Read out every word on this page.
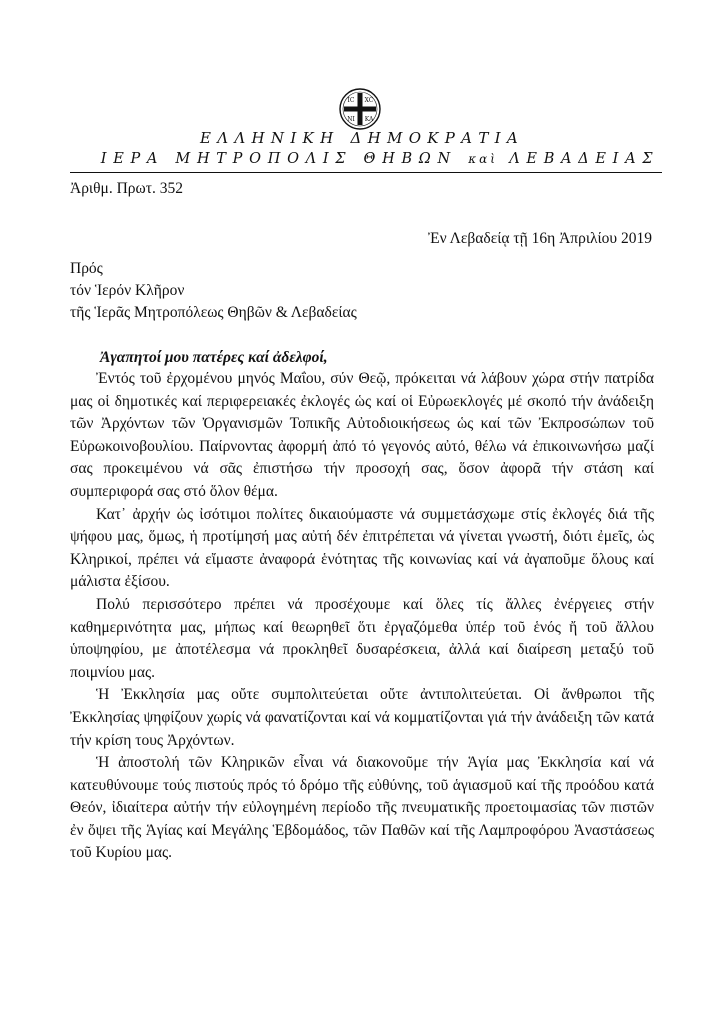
IC XC
NI KA
ΕΛΛΗΝΙΚΗ ΔΗΜΟΚΡΑΤΙΑ
ΙΕΡΑ ΜΗΤΡΟΠΟΛΙΣ ΘΗΒΩΝ καὶ ΛΕΒΑΔΕΙΑΣ
Ἀριθμ. Πρωτ. 352
Ἐν Λεβαδείᾳ τῇ 16η Ἀπριλίου 2019
Πρός
τόν Ἱερόν Κλῆρον
τῆς Ἱερᾶς Μητροπόλεως Θηβῶν & Λεβαδείας
Ἀγαπητοί μου πατέρες καί ἀδελφοί,

Ἐντός τοῦ ἐρχομένου μηνός Μαΐου, σύν Θεῷ, πρόκειται νά λάβουν χώρα στήν πατρίδα μας οἱ δημοτικές καί περιφερειακές ἐκλογές ὡς καί οἱ Εὐρωεκλογές μέ σκοπό τήν ἀνάδειξη τῶν Ἀρχόντων τῶν Ὀργανισμῶν Τοπικῆς Αὐτοδιοικήσεως ὡς καί τῶν Ἐκπροσώπων τοῦ Εὐρωκοινοβουλίου. Παίρνοντας ἀφορμή ἀπό τό γεγονός αὐτό, θέλω νά ἐπικοινωνήσω μαζί σας προκειμένου νά σᾶς ἐπιστήσω τήν προσοχή σας, ὅσον ἀφορᾶ τήν στάση καί συμπεριφορά σας στό ὅλον θέμα.

Κατ᾽ ἀρχήν ὡς ἰσότιμοι πολίτες δικαιούμαστε νά συμμετάσχωμε στίς ἐκλογές διά τῆς ψήφου μας, ὅμως, ἡ προτίμησή μας αὐτή δέν ἐπιτρέπεται νά γίνεται γνωστή, διότι ἐμεῖς, ὡς Κληρικοί, πρέπει νά εἴμαστε ἀναφορά ἑνότητας τῆς κοινωνίας καί νά ἀγαποῦμε ὅλους καί μάλιστα ἐξίσου.

Πολύ περισσότερο πρέπει νά προσέχουμε καί ὅλες τίς ἄλλες ἐνέργειες στήν καθημερινότητα μας, μήπως καί θεωρηθεῖ ὅτι ἐργαζόμεθα ὑπέρ τοῦ ἑνός ἤ τοῦ ἄλλου ὑποψηφίου, με ἀποτέλεσμα νά προκληθεῖ δυσαρέσκεια, ἀλλά καί διαίρεση μεταξύ τοῦ ποιμνίου μας.

Ἡ Ἐκκλησία μας οὔτε συμπολιτεύεται οὔτε ἀντιπολιτεύεται. Οἱ ἄνθρωποι τῆς Ἐκκλησίας ψηφίζουν χωρίς νά φανατίζονται καί νά κομματίζονται γιά τήν ἀνάδειξη τῶν κατά τήν κρίση τους Ἀρχόντων.

Ἡ ἀποστολή τῶν Κληρικῶν εἶναι νά διακονοῦμε τήν Ἁγία μας Ἐκκλησία καί νά κατευθύνουμε τούς πιστούς πρός τό δρόμο τῆς εὐθύνης, τοῦ ἁγιασμοῦ καί τῆς προόδου κατά Θεόν, ἰδιαίτερα αὐτήν τήν εὐλογημένη περίοδο τῆς πνευματικῆς προετοιμασίας τῶν πιστῶν ἐν ὄψει τῆς Ἁγίας καί Μεγάλης Ἑβδομάδος, τῶν Παθῶν καί τῆς Λαμπροφόρου Ἀναστάσεως τοῦ Κυρίου μας.
